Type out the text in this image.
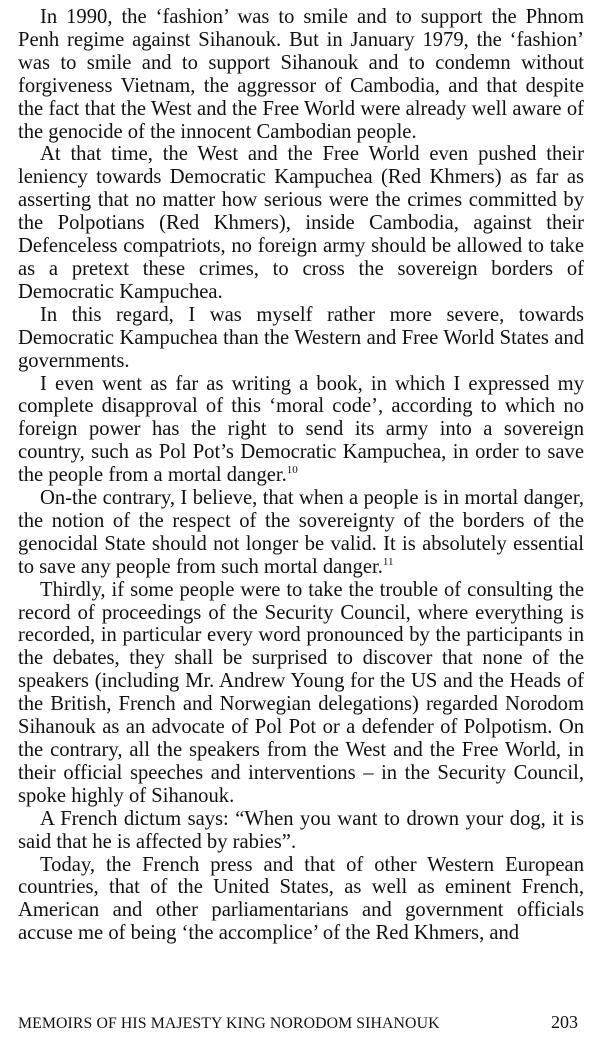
In 1990, the ‘fashion’ was to smile and to support the Phnom Penh regime against Sihanouk. But in January 1979, the ‘fashion’ was to smile and to support Sihanouk and to condemn without forgiveness Vietnam, the aggressor of Cambodia, and that despite the fact that the West and the Free World were already well aware of the genocide of the innocent Cambodian people.

At that time, the West and the Free World even pushed their leniency towards Democratic Kampuchea (Red Khmers) as far as asserting that no matter how serious were the crimes committed by the Polpotians (Red Khmers), inside Cambodia, against their Defenceless compatriots, no foreign army should be allowed to take as a pretext these crimes, to cross the sovereign borders of Democratic Kampuchea.

In this regard, I was myself rather more severe, towards Democratic Kampuchea than the Western and Free World States and governments.

I even went as far as writing a book, in which I expressed my complete disapproval of this ‘moral code’, according to which no foreign power has the right to send its army into a sovereign country, such as Pol Pot’s Democratic Kampuchea, in order to save the people from a mortal danger.$^{10}$

On-the contrary, I believe, that when a people is in mortal danger, the notion of the respect of the sovereignty of the borders of the genocidal State should not longer be valid. It is absolutely essential to save any people from such mortal danger.$^{11}$

Thirdly, if some people were to take the trouble of consulting the record of proceedings of the Security Council, where everything is recorded, in particular every word pronounced by the participants in the debates, they shall be surprised to discover that none of the speakers (including Mr. Andrew Young for the US and the Heads of the British, French and Norwegian delegations) regarded Norodom Sihanouk as an advocate of Pol Pot or a defender of Polpotism. On the contrary, all the speakers from the West and the Free World, in their official speeches and interventions – in the Security Council, spoke highly of Sihanouk.

A French dictum says: “When you want to drown your dog, it is said that he is affected by rabies”.

Today, the French press and that of other Western European countries, that of the United States, as well as eminent French, American and other parliamentarians and government officials accuse me of being ‘the accomplice’ of the Red Khmers, and

MEMOIRS OF HIS MAJESTY KING NORODOM SIHANOUK	203
